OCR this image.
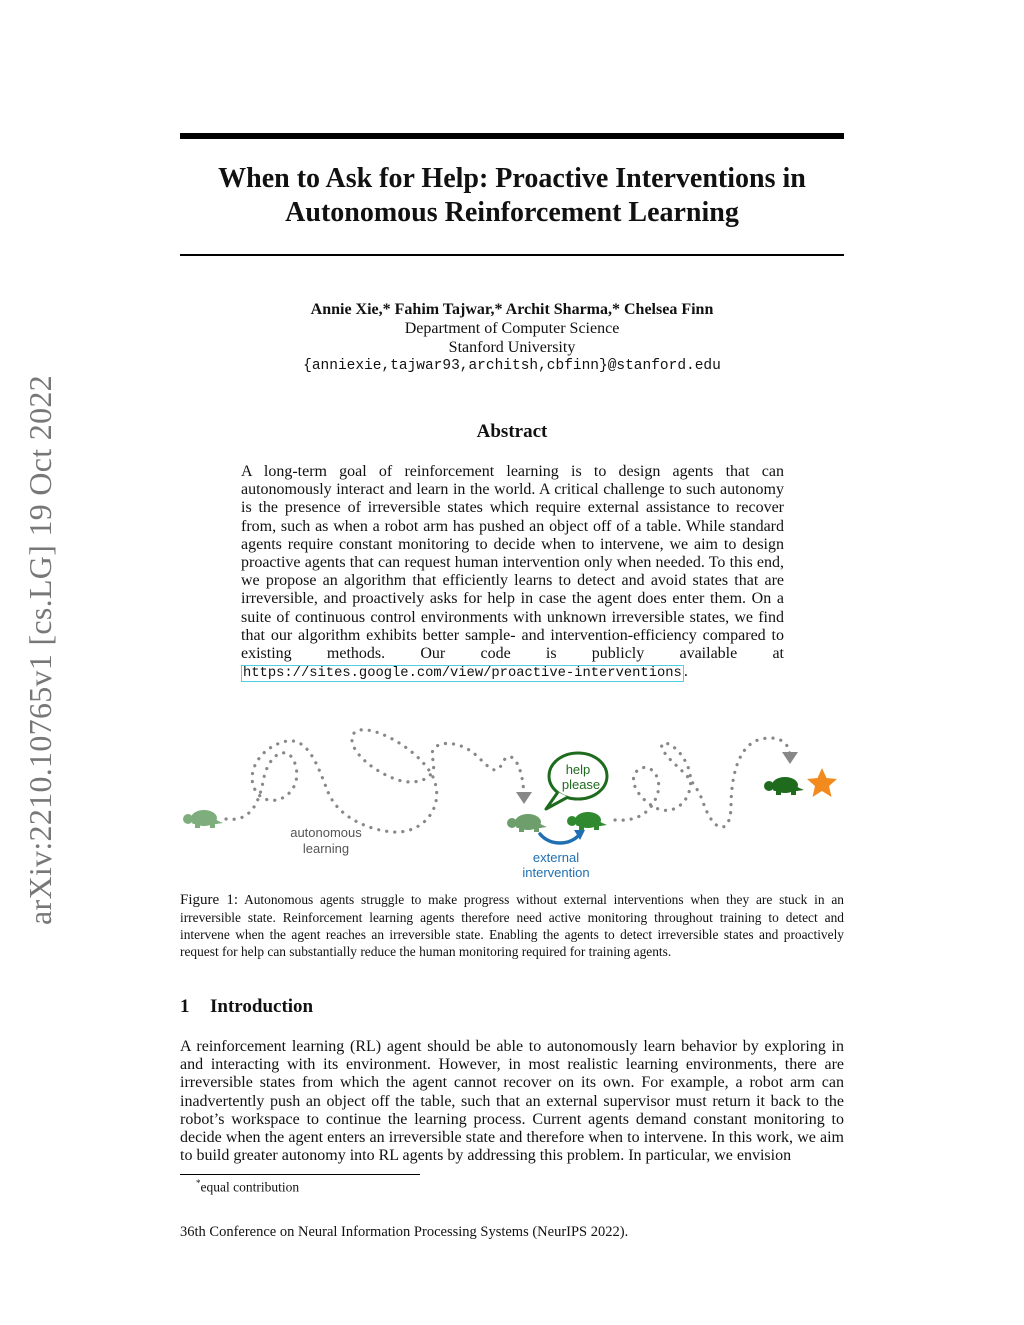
arXiv:2210.10765v1 [cs.LG] 19 Oct 2022
When to Ask for Help: Proactive Interventions in
Autonomous Reinforcement Learning
Annie Xie,* Fahim Tajwar,* Archit Sharma,* Chelsea Finn
Department of Computer Science
Stanford University
{anniexie,tajwar93,architsh,cbfinn}@stanford.edu
Abstract
A long-term goal of reinforcement learning is to design agents that can autonomously interact and learn in the world. A critical challenge to such autonomy is the presence of irreversible states which require external assistance to recover from, such as when a robot arm has pushed an object off of a table. While standard agents require constant monitoring to decide when to intervene, we aim to design proactive agents that can request human intervention only when needed. To this end, we propose an algorithm that efficiently learns to detect and avoid states that are irreversible, and proactively asks for help in case the agent does enter them. On a suite of continuous control environments with unknown irreversible states, we find that our algorithm exhibits better sample- and intervention-efficiency compared to existing methods. Our code is publicly available at https://sites.google.com/view/proactive-interventions .
help
please
autonomous
learning
external
intervention
Figure 1: Autonomous agents struggle to make progress without external interventions when they are stuck in an irreversible state. Reinforcement learning agents therefore need active monitoring throughout training to detect and intervene when the agent reaches an irreversible state. Enabling the agents to detect irreversible states and proactively request for help can substantially reduce the human monitoring required for training agents.
1 Introduction
A reinforcement learning (RL) agent should be able to autonomously learn behavior by exploring in and interacting with its environment. However, in most realistic learning environments, there are irreversible states from which the agent cannot recover on its own. For example, a robot arm can inadvertently push an object off the table, such that an external supervisor must return it back to the robot’s workspace to continue the learning process. Current agents demand constant monitoring to decide when the agent enters an irreversible state and therefore when to intervene. In this work, we aim to build greater autonomy into RL agents by addressing this problem. In particular, we envision
*equal contribution
36th Conference on Neural Information Processing Systems (NeurIPS 2022).
